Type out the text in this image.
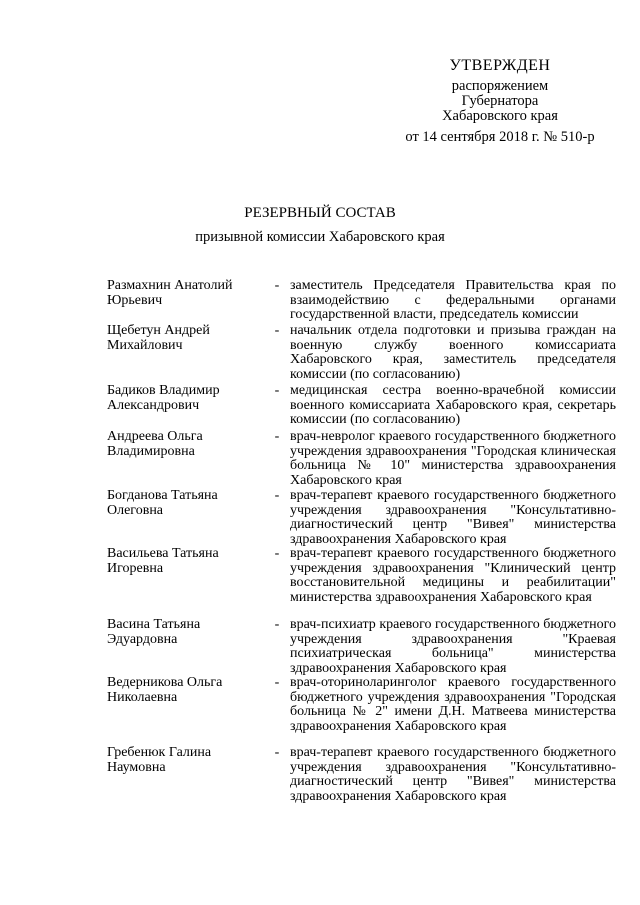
УТВЕРЖДЕН
распоряжением
Губернатора
Хабаровского края
от 14 сентября 2018 г. № 510-р
РЕЗЕРВНЫЙ СОСТАВ
призывной комиссии Хабаровского края
Размахнин Анатолий Юрьевич
- заместитель Председателя Правительства края по взаимодействию с федеральными органами государственной власти, председатель комиссии
Щебетун Андрей Михайлович
- начальник отдела подготовки и призыва граждан на военную службу военного комиссариата Хабаровского края, заместитель председателя комиссии (по согласованию)
Бадиков Владимир Александрович
- медицинская сестра военно-врачебной комиссии военного комиссариата Хабаровского края, секретарь комиссии (по согласованию)
Андреева Ольга Владимировна
- врач-невролог краевого государственного бюджетного учреждения здравоохранения "Городская клиническая больница № 10" министерства здравоохранения Хабаровского края
Богданова Татьяна Олеговна
- врач-терапевт краевого государственного бюджетного учреждения здравоохранения "Консультативно-диагностический центр "Вивея" министерства здравоохранения Хабаровского края
Васильева Татьяна Игоревна
- врач-терапевт краевого государственного бюджетного учреждения здравоохранения "Клинический центр восстановительной медицины и реабилитации" министерства здравоохранения Хабаровского края
Васина Татьяна Эдуардовна
- врач-психиатр краевого государственного бюджетного учреждения здравоохранения "Краевая психиатрическая больница" министерства здравоохранения Хабаровского края
Ведерникова Ольга Николаевна
- врач-оториноларинголог краевого государственного бюджетного учреждения здравоохранения "Городская больница № 2" имени Д.Н. Матвеева министерства здравоохранения Хабаровского края
Гребенюк Галина Наумовна
- врач-терапевт краевого государственного бюджетного учреждения здравоохранения "Консультативно-диагностический центр "Вивея" министерства здравоохранения Хабаровского края
